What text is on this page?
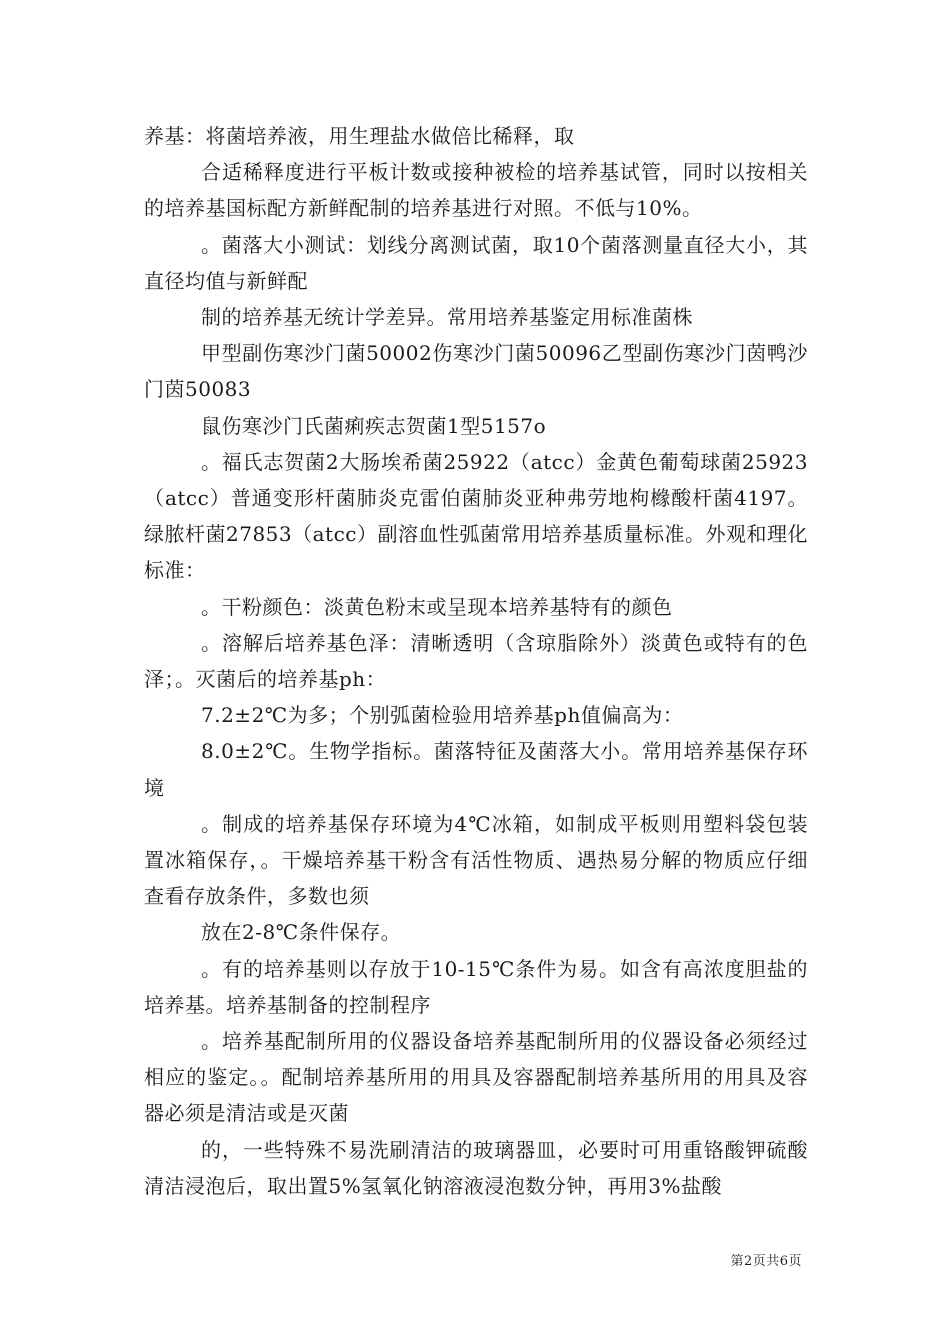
养基：将菌培养液，用生理盐水做倍比稀释，取

合适稀释度进行平板计数或接种被检的培养基试管，同时以按相关的培养基国标配方新鲜配制的培养基进行对照。不低与10%。

。菌落大小测试：划线分离测试菌，取10个菌落测量直径大小，其直径均值与新鲜配

制的培养基无统计学差异。常用培养基鉴定用标准菌株

甲型副伤寒沙门菌50002伤寒沙门菌50096乙型副伤寒沙门茵鸭沙门茵50083

鼠伤寒沙门氏菌痢疾志贺菌1型5157o

。福氏志贺菌2大肠埃希菌25922（atcc）金黄色葡萄球菌25923（atcc）普通变形杆菌肺炎克雷伯菌肺炎亚种弗劳地枸橼酸杆菌4197。绿脓杆菌27853（atcc）副溶血性弧菌常用培养基质量标准。外观和理化标准：

。干粉颜色：淡黄色粉末或呈现本培养基特有的颜色

。溶解后培养基色泽：清晰透明（含琼脂除外）淡黄色或特有的色泽；。灭菌后的培养基ph：

7.2±2℃为多；个别弧菌检验用培养基ph值偏高为：

8.0±2℃。生物学指标。菌落特征及菌落大小。常用培养基保存环境

。制成的培养基保存环境为4℃冰箱，如制成平板则用塑料袋包装置冰箱保存，。干燥培养基干粉含有活性物质、遇热易分解的物质应仔细查看存放条件，多数也须

放在2-8℃条件保存。

。有的培养基则以存放于10-15℃条件为易。如含有高浓度胆盐的培养基。培养基制备的控制程序

。培养基配制所用的仪器设备培养基配制所用的仪器设备必须经过相应的鉴定。。配制培养基所用的用具及容器配制培养基所用的用具及容器必须是清洁或是灭菌

的，一些特殊不易洗刷清洁的玻璃器皿，必要时可用重铬酸钾硫酸清洁浸泡后，取出置5%氢氧化钠溶液浸泡数分钟，再用3%盐酸

第2页共6页
